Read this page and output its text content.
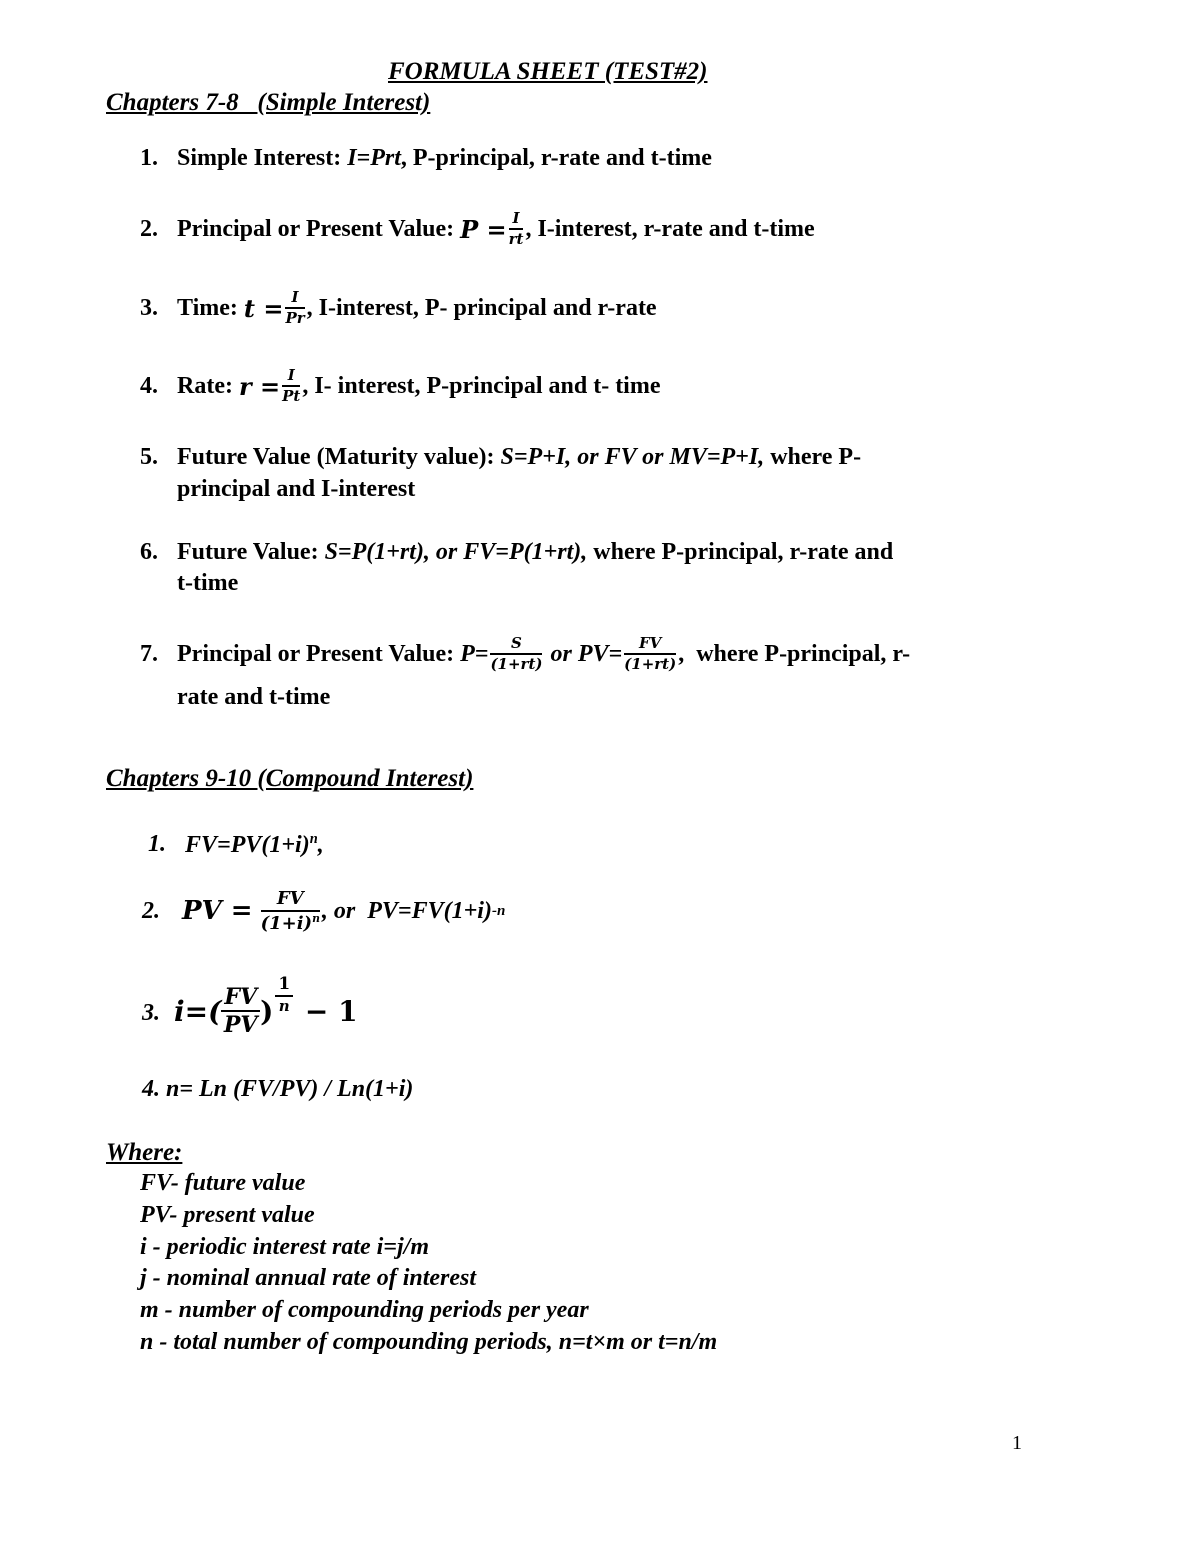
FORMULA SHEET (TEST#2)
Chapters 7-8   (Simple Interest)
1. Simple Interest: I=Prt, P-principal, r-rate and t-time
2. Principal or Present Value:
$P = \frac{I}{rt}$ , I-interest, r-rate and t-time
3. Time:
$t = \frac{I}{Pr}$ , I-interest, P- principal and r-rate
4. Rate:
$r = \frac{I}{Pt}$ , I- interest, P-principal and t- time
5. Future Value (Maturity value): S=P+I, or FV or MV=P+I, where P-
principal and I-interest
6. Future Value: S=P(1+rt), or FV=P(1+rt), where P-principal, r-rate and
t-time
7. Principal or Present Value:
$P= \frac{S}{(1+rt)}$ or $PV= \frac{FV}{(1+rt)}$ ,  where P-principal, r-
rate and t-time
Chapters 9-10 (Compound Interest)
1. $FV=PV(1+i)^n$,
2. PV = $\frac{FV}{(1+i)^n}$ , or  PV=FV(1+i) -n
3. $i=( \frac{FV}{PV}$ ) $\frac{1}{n} - 1$
4. n= Ln (FV/PV) / Ln(1+i)
Where:
FV- future value
PV- present value
i - periodic interest rate i=j/m
j - nominal annual rate of interest
m - number of compounding periods per year
n - total number of compounding periods, n=t×m or t=n/m
1
